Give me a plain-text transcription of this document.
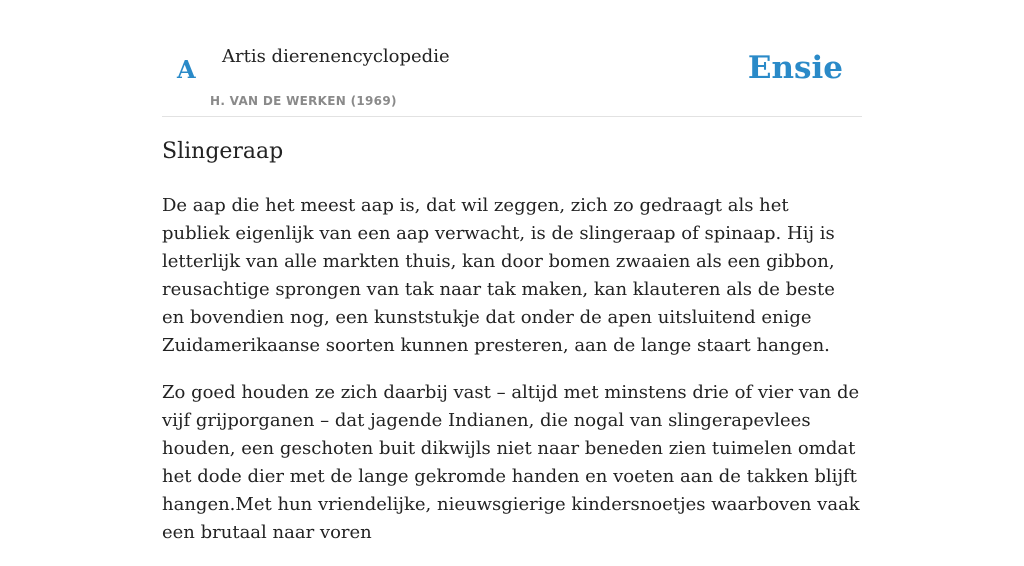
A Artis dierenencyclopedie
H. VAN DE WERKEN (1969)
Ensie
Slingeraap

De aap die het meest aap is, dat wil zeggen, zich zo gedraagt als het publiek eigenlijk van een aap verwacht, is de slingeraap of spinaap. Hij is letterlijk van alle markten thuis, kan door bomen zwaaien als een gibbon, reusachtige sprongen van tak naar tak maken, kan klauteren als de beste en bovendien nog, een kunststukje dat onder de apen uitsluitend enige Zuidamerikaanse soorten kunnen presteren, aan de lange staart hangen.

Zo goed houden ze zich daarbij vast – altijd met minstens drie of vier van de vijf grijporganen – dat jagende Indianen, die nogal van slingerapevlees houden, een geschoten buit dikwijls niet naar beneden zien tuimelen omdat het dode dier met de lange gekromde handen en voeten aan de takken blijft hangen.Met hun vriendelijke, nieuwsgierige kindersnoetjes waarboven vaak een brutaal naar voren
